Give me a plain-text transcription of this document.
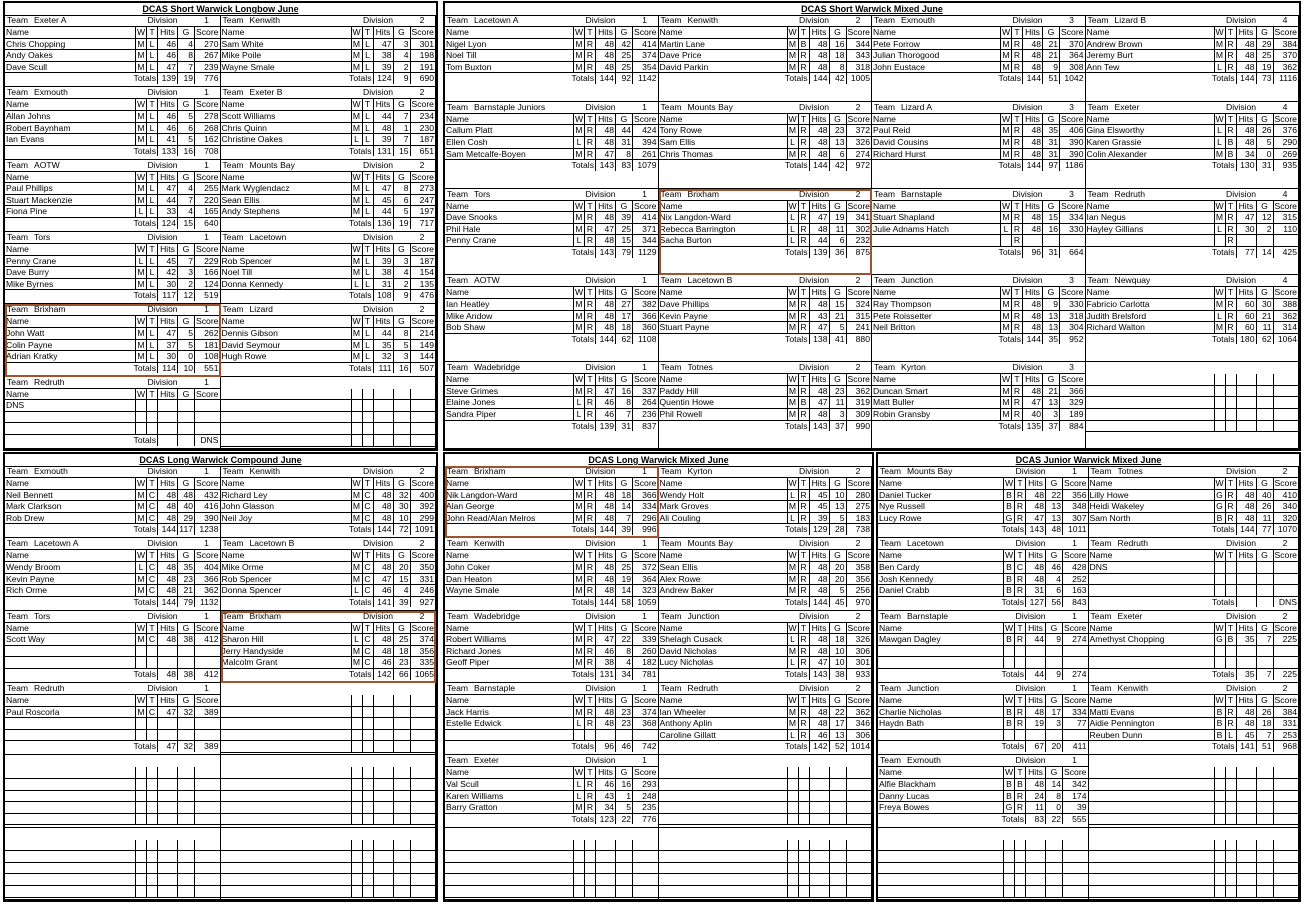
DCAS Short Warwick Longbow June
Team Exeter A	Division	1
Name	W	T	Hits	G	Score
Chris Chopping	M	L	46	4	270
Andy Oakes	M	L	46	8	267
Dave Scull	M	L	47	7	239
Totals			139	19	776
Team Kenwith	Division	2
Name	W	T	Hits	G	Score
Sam White	M	L	47	3	301
Mike Poile	M	L	38	4	198
Wayne Smale	M	L	39	2	191
Totals			124	9	690
Team Exmouth	Division	1
Name	W	T	Hits	G	Score
Allan Johns	M	L	46	5	278
Robert Baynham	M	L	46	6	268
Ian Evans	M	L	41	5	162
Totals			133	16	708
Team Exeter B	Division	2
Name	W	T	Hits	G	Score
Scott Williams	M	L	44	7	234
Chris Quinn	M	L	48	1	230
Christine Oakes	L	L	39	7	187
Totals			131	15	651
Team AOTW	Division	1
Name	W	T	Hits	G	Score
Paul Phillips	M	L	47	4	255
Stuart Mackenzie	M	L	44	7	220
Fiona Pine	L	L	33	4	165
Totals			124	15	640
Team Mounts Bay	Division	2
Name	W	T	Hits	G	Score
Mark Wyglendacz	M	L	47	8	273
Sean Ellis	M	L	45	6	247
Andy Stephens	M	L	44	5	197
Totals			136	19	717
Team Tors	Division	1
Name	W	T	Hits	G	Score
Penny Crane	L	L	45	7	229
Dave Burry	M	L	42	3	166
Mike Byrnes	M	L	30	2	124
Totals			117	12	519
Team Lacetown	Division	2
Name	W	T	Hits	G	Score
Rob Spencer	M	L	39	3	187
Noel Till	M	L	38	4	154
Donna Kennedy	L	L	31	2	135
Totals			108	9	476
Team Brixham	Division	1
Name	W	T	Hits	G	Score
John Watt	M	L	47	5	262
Colin Payne	M	L	37	5	181
Adrian Kratky	M	L	30	0	108
Totals			114	10	551
Team Lizard	Division	2
Name	W	T	Hits	G	Score
Dennis Gibson	M	L	44	8	214
David Seymour	M	L	35	5	149
Hugh Rowe	M	L	32	3	144
Totals			111	16	507
Team Redruth	Division	1
Name	W	T	Hits	G	Score
DNS					

Totals					DNS

DCAS Short Warwick Mixed June
Team Lacetown A	Division	1
Name	W	T	Hits	G	Score
Nigel Lyon	M	R	48	42	414
Noel Till	M	R	48	25	374
Tom Buxton	M	R	48	25	354
Totals			144	92	1142
Team Kenwith	Division	2
Name	W	T	Hits	G	Score
Martin Lane	M	B	48	16	344
Dave Price	M	R	48	18	343
David Parkin	M	R	48	8	318
Totals			144	42	1005
Team Exmouth	Division	3
Name	W	T	Hits	G	Score
Pete Forrow	M	R	48	21	370
Julian Thorogood	M	R	48	21	364
John Eustace	M	R	48	9	308
Totals			144	51	1042
Team Lizard B	Division	4
Name	W	T	Hits	G	Score
Andrew Brown	M	R	48	29	384
Jeremy Burt	M	R	48	25	370
Ann Tew	L	R	48	19	362
Totals			144	73	1116
Team Barnstaple Juniors	Division	1
Name	W	T	Hits	G	Score
Callum Platt	M	R	48	44	424
Ellen Cosh	L	R	48	31	394
Sam Metcalfe-Boyen	M	R	47	8	261
Totals			143	83	1079
Team Mounts Bay	Division	2
Name	W	T	Hits	G	Score
Tony Rowe	M	R	48	23	372
Sam Ellis	L	R	48	13	326
Chris Thomas	M	R	48	6	274
Totals			144	42	972
Team Lizard A	Division	3
Name	W	T	Hits	G	Score
Paul Reid	M	R	48	35	406
David Cousins	M	R	48	31	390
Richard Hurst	M	R	48	31	390
Totals			144	97	1186
Team Exeter	Division	4
Name	W	T	Hits	G	Score
Gina Elsworthy	L	R	48	26	376
Karen Grassie	L	B	48	5	290
Colin Alexander	M	B	34	0	269
Totals			130	31	935
Team Tors	Division	1
Name	W	T	Hits	G	Score
Dave Snooks	M	R	48	39	414
Phil Hale	M	R	47	25	371
Penny Crane	L	R	48	15	344
Totals			143	79	1129
Team Brixham	Division	2
Name	W	T	Hits	G	Score
Nix Langdon-Ward	L	R	47	19	341
Rebecca Barrington	L	R	48	11	302
Sacha Burton	L	R	44	6	232
Totals			139	36	875
Team Barnstaple	Division	3
Name	W	T	Hits	G	Score
Stuart Shapland	M	R	48	15	334
Julie Adnams Hatch	L	R	48	16	330
		R			
Totals			96	31	664
Team Redruth	Division	4
Name	W	T	Hits	G	Score
Ian Negus	M	R	47	12	315
Hayley Gillians	L	R	30	2	110
		R			
Totals			77	14	425
Team AOTW	Division	1
Name	W	T	Hits	G	Score
Ian Heatley	M	R	48	27	382
Mike Andow	M	R	48	17	366
Bob Shaw	M	R	48	18	360
Totals			144	62	1108
Team Lacetown B	Division	2
Name	W	T	Hits	G	Score
Dave Phillips	M	R	48	15	324
Kevin Payne	M	R	43	21	315
Stuart Payne	M	R	47	5	241
Totals			138	41	880
Team Junction	Division	3
Name	W	T	Hits	G	Score
Ray Thompson	M	R	48	9	330
Pete Roissetter	M	R	48	13	318
Neil Britton	M	R	48	13	304
Totals			144	35	952
Team Newquay	Division	4
Name	W	T	Hits	G	Score
Fabricio Carlotta	M	R	60	30	388
Judith Brelsford	L	R	60	21	362
Richard Walton	M	R	60	11	314
Totals			180	62	1064
Team Wadebridge	Division	1
Name	W	T	Hits	G	Score
Steve Grimes	M	R	47	16	337
Elaine Jones	L	R	46	8	264
Sandra Piper	L	R	46	7	236
Totals			139	31	837
Team Totnes	Division	2
Name	W	T	Hits	G	Score
Paddy Hill	M	R	48	23	362
Quentin Howe	M	B	47	11	319
Phil Rowell	M	R	48	3	309
Totals			143	37	990
Team Kyrton	Division	3
Name	W	T	Hits	G	Score
Duncan Smart	M	R	48	21	366
Matt Buller	M	R	47	13	329
Robin Gransby	M	R	40	3	189
Totals			135	37	884

DCAS Long Warwick Compound June
Team Exmouth	Division	1
Name	W	T	Hits	G	Score
Neil Bennett	M	C	48	48	432
Mark Clarkson	M	C	48	40	416
Rob Drew	M	C	48	29	390
Totals			144	117	1238
Team Kenwith	Division	2
Name	W	T	Hits	G	Score
Richard Ley	M	C	48	32	400
John Glasson	M	C	48	30	392
Neil Joy	M	C	48	10	299
Totals			144	72	1091
Team Lacetown A	Division	1
Name	W	T	Hits	G	Score
Wendy Broom	L	C	48	35	404
Kevin Payne	M	C	48	23	366
Rich Orme	M	C	48	21	362
Totals			144	79	1132
Team Lacetown B	Division	2
Name	W	T	Hits	G	Score
Mike Orme	M	C	48	20	350
Rob Spencer	M	C	47	15	331
Donna Spencer	L	C	46	4	246
Totals			141	39	927
Team Tors	Division	1
Name	W	T	Hits	G	Score
Scott Way	M	C	48	38	412

Totals			48	38	412
Team Brixham	Division	2
Name	W	T	Hits	G	Score
Sharon Hill	L	C	48	25	374
Jerry Handyside	M	C	48	18	356
Malcolm Grant	M	C	46	23	335
Totals			142	66	1065
Team Redruth	Division	1
Name	W	T	Hits	G	Score
Paul Roscorla	M	C	47	32	389

Totals			47	32	389

DCAS Long Warwick Mixed June
Team Brixham	Division	1
Name	W	T	Hits	G	Score
Nik Langdon-Ward	M	R	48	18	366
Alan George	M	R	48	14	334
John Read/Alan Melros	M	R	48	7	296
Totals			144	39	996
Team Kyrton	Division	2
Name	W	T	Hits	G	Score
Wendy Holt	L	R	45	10	280
Mark Groves	M	R	45	13	275
Ali Couling	L	R	39	5	183
Totals			129	28	738
Team Kenwith	Division	1
Name	W	T	Hits	G	Score
John Coker	M	R	48	25	372
Dan Heaton	M	R	48	19	364
Wayne Smale	M	R	48	14	323
Totals			144	58	1059
Team Mounts Bay	Division	2
Name	W	T	Hits	G	Score
Sean Ellis	M	R	48	20	358
Alex Rowe	M	R	48	20	356
Andrew Baker	M	R	48	5	256
Totals			144	45	970
Team Wadebridge	Division	1
Name	W	T	Hits	G	Score
Robert Williams	M	R	47	22	339
Richard Jones	M	R	46	8	260
Geoff Piper	M	R	38	4	182
Totals			131	34	781
Team Junction	Division	2
Name	W	T	Hits	G	Score
Shelagh Cusack	L	R	48	18	326
David Nicholas	M	R	48	10	306
Lucy Nicholas	L	R	47	10	301
Totals			143	38	933
Team Barnstaple	Division	1
Name	W	T	Hits	G	Score
Jack Harris	M	R	48	23	374
Estelle Edwick	L	R	48	23	368

Totals			96	46	742
Team Redruth	Division	2
Name	W	T	Hits	G	Score
Ian Wheeler	M	R	48	22	362
Anthony Aplin	M	R	48	17	346
Caroline Gillatt	L	R	46	13	306
Totals			142	52	1014
Team Exeter	Division	1
Name	W	T	Hits	G	Score
Val Scull	L	R	46	16	293
Karen Williams	L	R	43	1	248
Barry Gratton	M	R	34	5	235
Totals			123	22	776

DCAS Junior Warwick Mixed June
Team Mounts Bay	Division	1
Name	W	T	Hits	G	Score
Daniel Tucker	B	R	48	22	356
Nye Russell	B	R	48	13	348
Lucy Rowe	G	R	47	13	307
Totals			143	48	1011
Team Totnes	Division	2
Name	W	T	Hits	G	Score
Lilly Howe	G	R	48	40	410
Heidi Wakeley	G	R	48	26	340
Sam North	B	R	48	11	320
Totals			144	77	1070
Team Lacetown	Division	1
Name	W	T	Hits	G	Score
Ben Cardy	B	C	48	46	428
Josh Kennedy	B	R	48	4	252
Daniel Crabb	B	R	31	6	163
Totals			127	56	843
Team Redruth	Division	2
Name	W	T	Hits	G	Score
DNS					

Totals					DNS
Team Barnstaple	Division	1
Name	W	T	Hits	G	Score
Mawgan Dagley	B	R	44	9	274

Totals			44	9	274
Team Exeter	Division	2
Name	W	T	Hits	G	Score
Amethyst Chopping	G	B	35	7	225

Totals			35	7	225
Team Junction	Division	1
Name	W	T	Hits	G	Score
Charlie Nicholas	B	R	48	17	334
Haydn Bath	B	R	19	3	77

Totals			67	20	411
Team Kenwith	Division	2
Name	W	T	Hits	G	Score
Matti Evans	B	R	48	26	384
Aidie Pennington	B	R	48	18	331
Reuben Dunn	B	L	45	7	253
Totals			141	51	968
Team Exmouth	Division	1
Name	W	T	Hits	G	Score
Alfie Blackham	B	B	48	14	342
Danny Lucas	B	R	24	8	174
Freya Bowes	G	R	11	0	39
Totals			83	22	555
